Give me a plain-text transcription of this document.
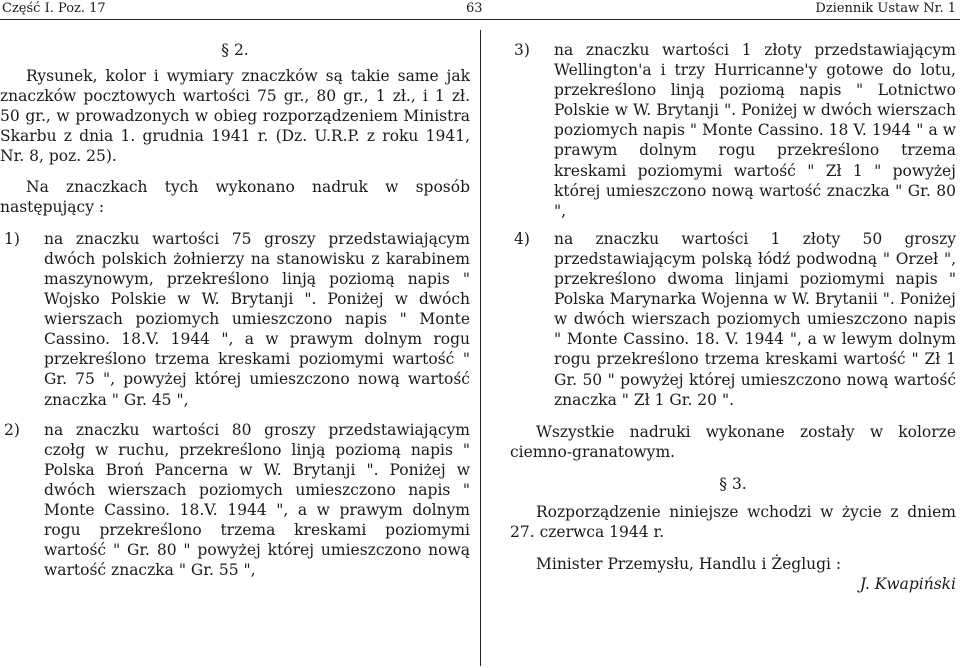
Część I. Poz. 17	63	Dziennik Ustaw Nr. 1

§ 2.

Rysunek, kolor i wymiary znaczków są takie same jak znaczków pocztowych wartości 75 gr., 80 gr., 1 zł., i 1 zł. 50 gr., w prowadzonych w obieg rozporządzeniem Ministra Skarbu z dnia 1. grudnia 1941 r. (Dz. U.R.P. z roku 1941, Nr. 8, poz. 25).

Na znaczkach tych wykonano nadruk w sposób następujący :

1)	na znaczku wartości 75 groszy przedstawiającym dwóch polskich żołnierzy na stanowisku z karabinem maszynowym, przekreślono linją poziomą napis " Wojsko Polskie w W. Brytanji ". Poniżej w dwóch wierszach poziomych umieszczono napis " Monte Cassino. 18.V. 1944 ", a w prawym dolnym rogu przekreślono trzema kreskami poziomymi wartość " Gr. 75 ", powyżej której umieszczono nową wartość znaczka " Gr. 45 ",
2)	na znaczku wartości 80 groszy przedstawiającym czołg w ruchu, przekreślono linją poziomą napis " Polska Broń Pancerna w W. Brytanji ". Poniżej w dwóch wierszach poziomych umieszczono napis " Monte Cassino. 18.V. 1944 ", a w prawym dolnym rogu przekreślono trzema kreskami poziomymi wartość " Gr. 80 " powyżej której umieszczono nową wartość znaczka " Gr. 55 ",
3)	na znaczku wartości 1 złoty przedstawiającym Wellington'a i trzy Hurricanne'y gotowe do lotu, przekreślono linją poziomą napis " Lotnictwo Polskie w W. Brytanji ". Poniżej w dwóch wierszach poziomych napis " Monte Cassino. 18 V. 1944 " a w prawym dolnym rogu przekreślono trzema kreskami poziomymi wartość " Zł 1 " powyżej której umieszczono nową wartość znaczka " Gr. 80 ",
4)	na znaczku wartości 1 złoty 50 groszy przedstawiającym polską łódź podwodną " Orzeł ", przekreślono dwoma linjami poziomymi napis " Polska Marynarka Wojenna w W. Brytanii ". Poniżej w dwóch wierszach poziomych umieszczono napis " Monte Cassino. 18. V. 1944 ", a w lewym dolnym rogu przekreślono trzema kreskami wartość " Zł 1 Gr. 50 " powyżej której umieszczono nową wartość znaczka " Zł 1 Gr. 20 ".

Wszystkie nadruki wykonane zostały w kolorze ciemno-granatowym.

§ 3.

Rozporządzenie niniejsze wchodzi w życie z dniem 27. czerwca 1944 r.

Minister Przemysłu, Handlu i Żeglugi :

J. Kwapiński
